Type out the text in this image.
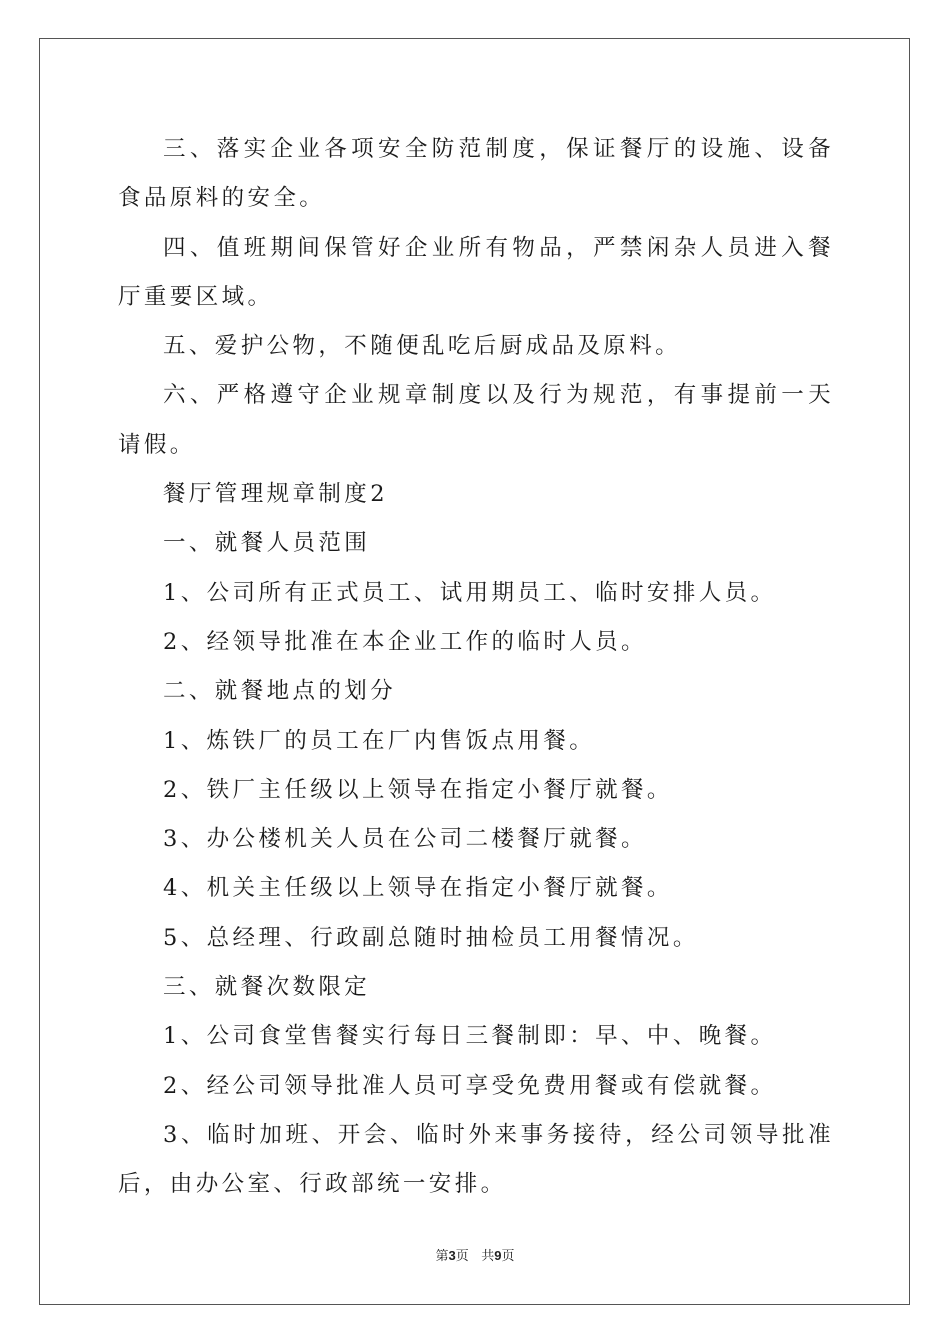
三、落实企业各项安全防范制度，保证餐厅的设施、设备食品原料的安全。

四、值班期间保管好企业所有物品，严禁闲杂人员进入餐厅重要区域。

五、爱护公物，不随便乱吃后厨成品及原料。

六、严格遵守企业规章制度以及行为规范，有事提前一天请假。

餐厅管理规章制度2

一、就餐人员范围

1、公司所有正式员工、试用期员工、临时安排人员。

2、经领导批准在本企业工作的临时人员。

二、就餐地点的划分

1、炼铁厂的员工在厂内售饭点用餐。

2、铁厂主任级以上领导在指定小餐厅就餐。

3、办公楼机关人员在公司二楼餐厅就餐。

4、机关主任级以上领导在指定小餐厅就餐。

5、总经理、行政副总随时抽检员工用餐情况。

三、就餐次数限定

1、公司食堂售餐实行每日三餐制即：早、中、晚餐。

2、经公司领导批准人员可享受免费用餐或有偿就餐。

3、临时加班、开会、临时外来事务接待，经公司领导批准后，由办公室、行政部统一安排。

第3页 共9页
